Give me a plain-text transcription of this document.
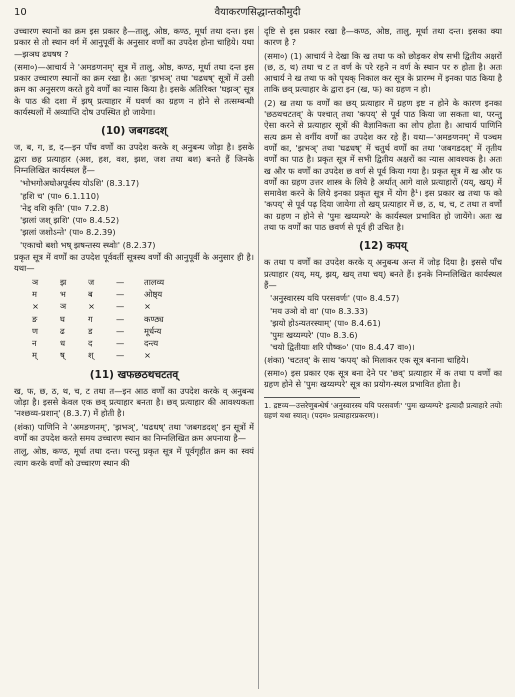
10	वैयाकरणसिद्धान्तकौमुदी

उच्चारण स्थानों का क्रम इस प्रकार है—तालु, ओष्ठ, कण्ठ, मूर्धा तथा दन्त। इस प्रकार से तो स्थान वर्ग में आनुपूर्वी के अनुसार वर्णों का उपदेश होना चाहिये। यथा—झञघ ढघषष ?

(समा०)—आचार्य ने 'अमङणनम्' सूत्र में तालु, ओष्ठ, कण्ठ, मूर्धा तथा दन्त इस प्रकार उच्चारण स्थानों का क्रम रखा है। अतः 'झभञ्' तथा 'घढधष्' सूत्रों में उसी क्रम का अनुसरण करते हुये वर्णों का न्यास किया है। इसके अतिरिक्त 'घझञ्' सूत्र के पाठ की दशा में झष् प्रत्याहार में घवर्ण का ग्रहण न होने से तत्सम्बन्धी कार्यस्थलों में अव्याप्ति दोष उपस्थित हो जायेगा।

(10) जबगडदश्

ज, ब, ग, ड, द—इन पाँच वर्णों का उपदेश करके श् अनुबन्ध जोड़ा है। इसके द्वारा छह प्रत्याहार (अश, हश, वश, झश, जश तथा बश) बनते हैं जिनके निम्नलिखित कार्यस्थल हैं—

'भोभगोअघोअपूर्वस्य योऽशि' (8.3.17)
'हशि च' (पा० 6.1.110)
'नेड् वशि कृति' (पा० 7.2.8)
'झलां जश् झशि' (पा० 8.4.52)
'झलां जशोऽन्ते' (पा० 8.2.39)
'एकाचो बशो भष् झषन्तस्य स्ध्वोः' (8.2.37)

प्रकृत सूत्र में वर्णों का उपदेश पूर्ववर्ती सूत्रस्थ वर्णों की आनुपूर्वी के अनुसार ही है। यथा—

ञ	झ	ज	—	तालव्य
म	भ	ब	—	ओष्ठ्य
×	ञ	×	—	×
ङ	घ	ग	—	कण्ठ्य
ण	ढ	ड	—	मूर्धन्य
न	ध	द	—	दन्त्य
म्	ष्	श्	—	×
(11) खफछठथचटतव्

ख, फ, छ, ठ, थ, च, ट तथा त—इन आठ वर्णों का उपदेश करके व् अनुबन्ध जोड़ा है। इससे केवल एक छव् प्रत्याहार बनता है। छव् प्रत्याहार की आवश्यकता 'नश्छव्य-प्रशान्' (8.3.7) में होती है।

(शंका) पाणिनि ने 'अमङणनम्', 'झभञ्', 'घढधष्' तथा 'जबगडदश्' इन सूत्रों में वर्णों का उपदेश करते समय उच्चारण स्थान का निम्नलिखित क्रम अपनाया है—

तालु, ओष्ठ, कण्ठ, मूर्धा तथा दन्त। परन्तु प्रकृत सूत्र में पूर्वगृहीत क्रम का स्वयं त्याग करके वर्णों को उच्चारण स्थान की

दृष्टि से इस प्रकार रखा है—कण्ठ, ओष्ठ, तालु, मूर्धा तथा दन्त। इसका क्या कारण है ?

(समा०) (1) आचार्य ने देखा कि ख तथा फ को छोड़कर शेष सभी द्वितीय अक्षरों (छ, ठ, थ) तथा च ट त वर्ण के परे रहने न वर्ण के स्थान पर रु होता है। अतः आचार्य ने ख तथा फ को पृथक् निकाल कर सूत्र के प्रारम्भ में इनका पाठ किया है ताकि छव् प्रत्याहार के द्वारा इन (ख, फ) का ग्रहण न हो।

(2) ख तथा फ वर्णों का छय् प्रत्याहार में ग्रहण इष्ट न होने के कारण इनका 'छठथचटतव्' के पश्चात् तथा 'कपय्' से पूर्व पाठ किया जा सकता था, परन्तु ऐसा करने से प्रत्याहार सूत्रों की वैज्ञानिकता का लोप होता है। आचार्य पाणिनि सत्य क्रम से वर्गीय वर्णों का उपदेश कर रहे हैं। यथा—'अमङणनम्' में पञ्चम वर्णों का, 'झभञ्' तथा 'घढधष्' में चतुर्थ वर्णों का तथा 'जबगडदश्' में तृतीय वर्णों का पाठ है। प्रकृत सूत्र में सभी द्वितीय अक्षरों का न्यास आवश्यक है। अतः ख और फ वर्णों का उपदेश छ वर्ण से पूर्व किया गया है। प्रकृत सूत्र में ख और फ वर्णों का ग्रहण उत्तर शास्त्र के लिये है अर्थात् आगे वाले प्रत्याहारों (यय्, खय्) में समावेश करने के लिये इनका प्रकृत सूत्र में योग है¹। इस प्रकार ख तथा फ को 'कपय्' से पूर्व पढ़ दिया जायेगा तो खय् प्रत्याहार में छ, ठ, थ, च, ट तथा त वर्णों का ग्रहण न होने से 'पुमः खय्यम्परे' के कार्यस्थल प्रभावित हो जायेंगे। अतः ख तथा फ वर्णों का पाठ छवर्ण से पूर्व ही उचित है।

(12) कपय्

क तथा प वर्णों का उपदेश करके य् अनुबन्ध अन्त में जोड़ दिया है। इससे पाँच प्रत्याहार (यय्, मय्, झय्, खय् तथा चय्) बनते हैं। इनके निम्नलिखित कार्यस्थल हैं—

'अनुस्वारस्य ययि परसवर्णः' (पा० 8.4.57)
'मय उञो वो वा' (पा० 8.3.33)
'झयो होऽन्यतरस्याम्' (पा० 8.4.61)
'पुमः खय्यम्परे' (पा० 8.3.6)
'चयो द्वितीयाः शरि पौष्क०' (पा० 8.4.47 वा०)।

(शंका) 'चटतव्' के साथ 'कपय्' को मिलाकर एक सूत्र बनाना चाहिये।

(समा०) इस प्रकार एक सूत्र बना देने पर 'छव्' प्रत्याहार में क तथा प वर्णों का ग्रहण होने से 'पुमः खय्यम्परे' सूत्र का प्रयोग-स्थल प्रभावित होता है।

1. द्रष्टव्य—उत्तरेणुबन्धेर्ष 'अनुस्वारस्य ययि परसवर्णः' 'पुमः खय्यम्परे' इत्यादौ प्रत्याहारे तयोः ग्रहणं यथा स्यात्। (पदम० प्रत्याहारप्रकरण)।
